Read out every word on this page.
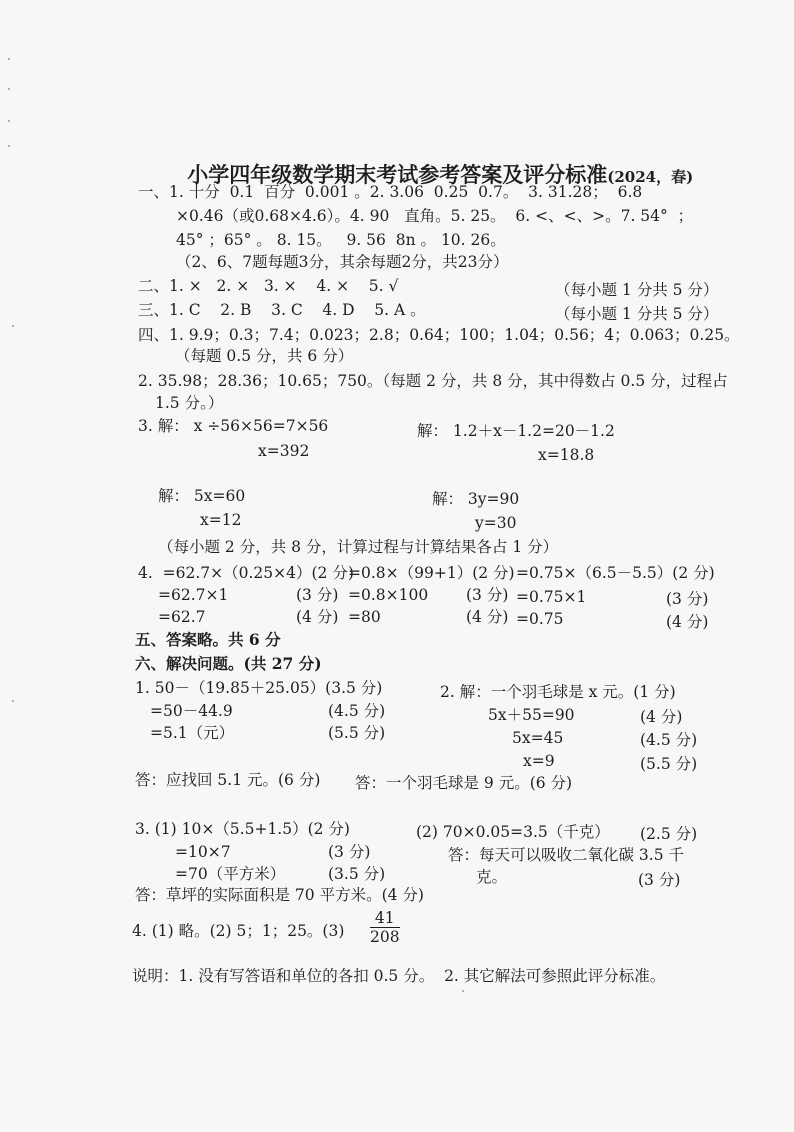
小学四年级数学期末考试参考答案及评分标准(2024，春)

一、1. 十分  0.1  百分  0.001 。2. 3.06  0.25  0.7。  3. 31.28；  6.8
×0.46（或0.68×4.6）。4. 90   直角。5. 25。  6. <、<、>。7. 54°  ；
45° ；65° 。 8. 15。   9. 56  8n 。 10. 26。
（2、6、7题每题3分，其余每题2分，共23分）
二、1. ×   2. ×   3. ×    4. ×    5. √	（每小题 1 分共 5 分）
三、1. C    2. B    3. C    4. D    5. A 。	（每小题 1 分共 5 分）
四、1. 9.9；0.3；7.4；0.023；2.8；0.64；100；1.04；0.56；4；0.063；0.25。
（每题 0.5 分，共 6 分）
2. 35.98；28.36；10.65；750。（每题 2 分，共 8 分，其中得数占 0.5 分，过程占
1.5 分。）
3. 解： x ÷56×56=7×56
x=392
解： 1.2＋x－1.2=20－1.2
x=18.8
解： 5x=60
x=12
解： 3y=90
y=30
（每小题 2 分，共 8 分，计算过程与计算结果各占 1 分）
4.  =62.7×（0.25×4）(2 分)
=62.7×1	(3 分)
=62.7	(4 分)
=0.8×（99+1）(2 分)
=0.8×100 (3 分)
=80	(4 分)
=0.75×（6.5－5.5）(2 分)
=0.75×1	(3 分)
=0.75	(4 分)
五、答案略。共 6 分
六、解决问题。(共 27 分)
1. 50－（19.85＋25.05）(3.5 分)
=50－44.9	(4.5 分)
=5.1（元）	(5.5 分)
答：应找回 5.1 元。(6 分)
2. 解：一个羽毛球是 x 元。(1 分)
5x＋55=90	(4 分)
5x=45	(4.5 分)
x=9	(5.5 分)
答：一个羽毛球是 9 元。(6 分)
3. (1) 10×（5.5+1.5）(2 分)
=10×7	(3 分)
=70（平方米）	(3.5 分)
答：草坪的实际面积是 70 平方米。(4 分)
(2) 70×0.05=3.5（千克） (2.5 分)
答：每天可以吸收二氧化碳 3.5 千
克。	(3 分)
4. (1) 略。(2) 5；1；25。$(3) \frac{41}{208}$
说明：1. 没有写答语和单位的各扣 0.5 分。  2. 其它解法可参照此评分标准。
